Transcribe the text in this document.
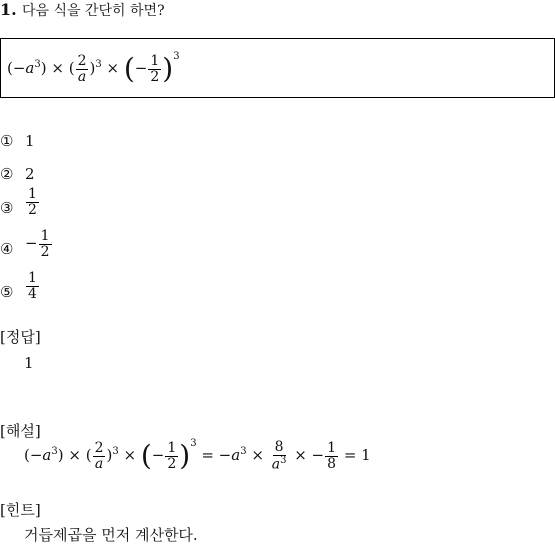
1. 다음 식을 간단히 하면?
$(-a^3)$ × ( $\frac{2}{a} )^3$ × (− $\frac{1}{2} )^3$
① 1
② 2
③ $\frac{1}{2}$
④ − $\frac{1}{2}$
⑤ $\frac{1}{4}$
[정답]
1
[해설]
$(-a^3)$ × ( $\frac{2}{a} )^3$ × (− $\frac{1}{2} )^3 = -a^3 \times \frac{8}{a^3}$ × − $\frac{1}{8} = 1$
[힌트]
거듭제곱을 먼저 계산한다.
